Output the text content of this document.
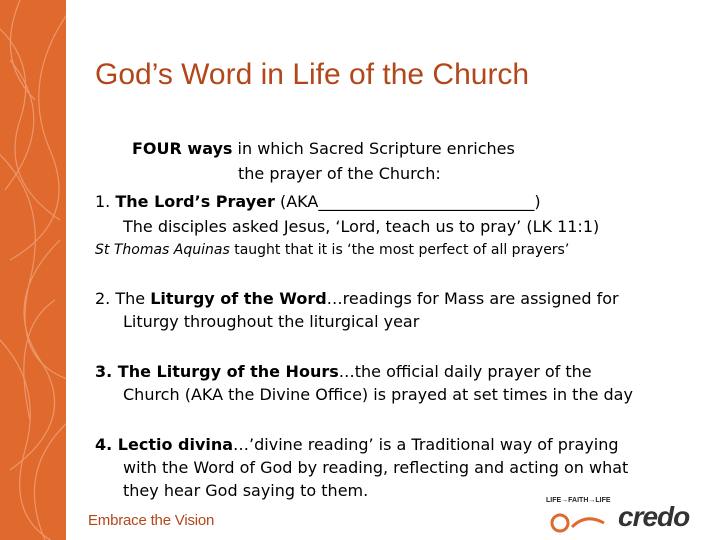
God’s Word in Life of the Church
FOUR ways in which Sacred Scripture enriches
the prayer of the Church:
1. The Lord’s Prayer (AKA___________________________)
The disciples asked Jesus, ‘Lord, teach us to pray’ (LK 11:1)
St Thomas Aquinas taught that it is ‘the most perfect of all prayers’
2. The Liturgy of the Word…readings for Mass are assigned for
Liturgy throughout the liturgical year
3. The Liturgy of the Hours…the official daily prayer of the
Church (AKA the Divine Office) is prayed at set times in the day
4. Lectio divina…’divine reading’ is a Traditional way of praying
with the Word of God by reading, reflecting and acting on what
they hear God saying to them.
Embrace the Vision
LIFE→FAITH→LIFE
credo
